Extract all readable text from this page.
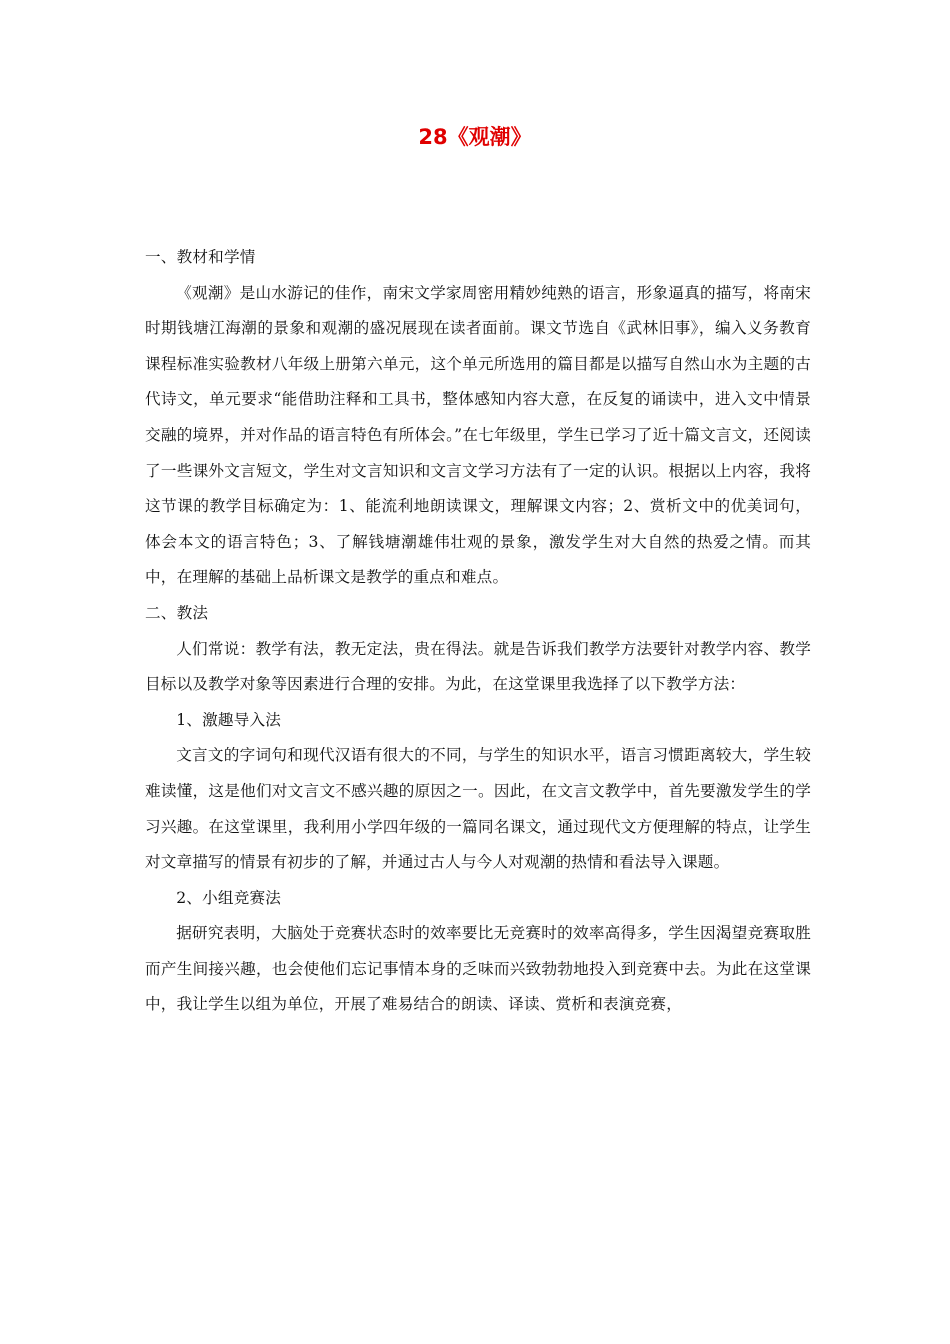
28《观潮》

一、教材和学情

《观潮》是山水游记的佳作，南宋文学家周密用精妙纯熟的语言，形象逼真的描写，将南宋时期钱塘江海潮的景象和观潮的盛况展现在读者面前。课文节选自《武林旧事》，编入义务教育课程标准实验教材八年级上册第六单元，这个单元所选用的篇目都是以描写自然山水为主题的古代诗文，单元要求“能借助注释和工具书，整体感知内容大意，在反复的诵读中，进入文中情景交融的境界，并对作品的语言特色有所体会。”在七年级里，学生已学习了近十篇文言文，还阅读了一些课外文言短文，学生对文言知识和文言文学习方法有了一定的认识。根据以上内容，我将这节课的教学目标确定为：1、能流利地朗读课文，理解课文内容；2、赏析文中的优美词句，体会本文的语言特色；3、了解钱塘潮雄伟壮观的景象，激发学生对大自然的热爱之情。而其中，在理解的基础上品析课文是教学的重点和难点。

二、教法

人们常说：教学有法，教无定法，贵在得法。就是告诉我们教学方法要针对教学内容、教学目标以及教学对象等因素进行合理的安排。为此，在这堂课里我选择了以下教学方法：

1、激趣导入法

文言文的字词句和现代汉语有很大的不同，与学生的知识水平，语言习惯距离较大，学生较难读懂，这是他们对文言文不感兴趣的原因之一。因此，在文言文教学中，首先要激发学生的学习兴趣。在这堂课里，我利用小学四年级的一篇同名课文，通过现代文方便理解的特点，让学生对文章描写的情景有初步的了解，并通过古人与今人对观潮的热情和看法导入课题。

2、小组竞赛法

据研究表明，大脑处于竞赛状态时的效率要比无竞赛时的效率高得多，学生因渴望竞赛取胜而产生间接兴趣，也会使他们忘记事情本身的乏味而兴致勃勃地投入到竞赛中去。为此在这堂课中，我让学生以组为单位，开展了难易结合的朗读、译读、赏析和表演竞赛，
